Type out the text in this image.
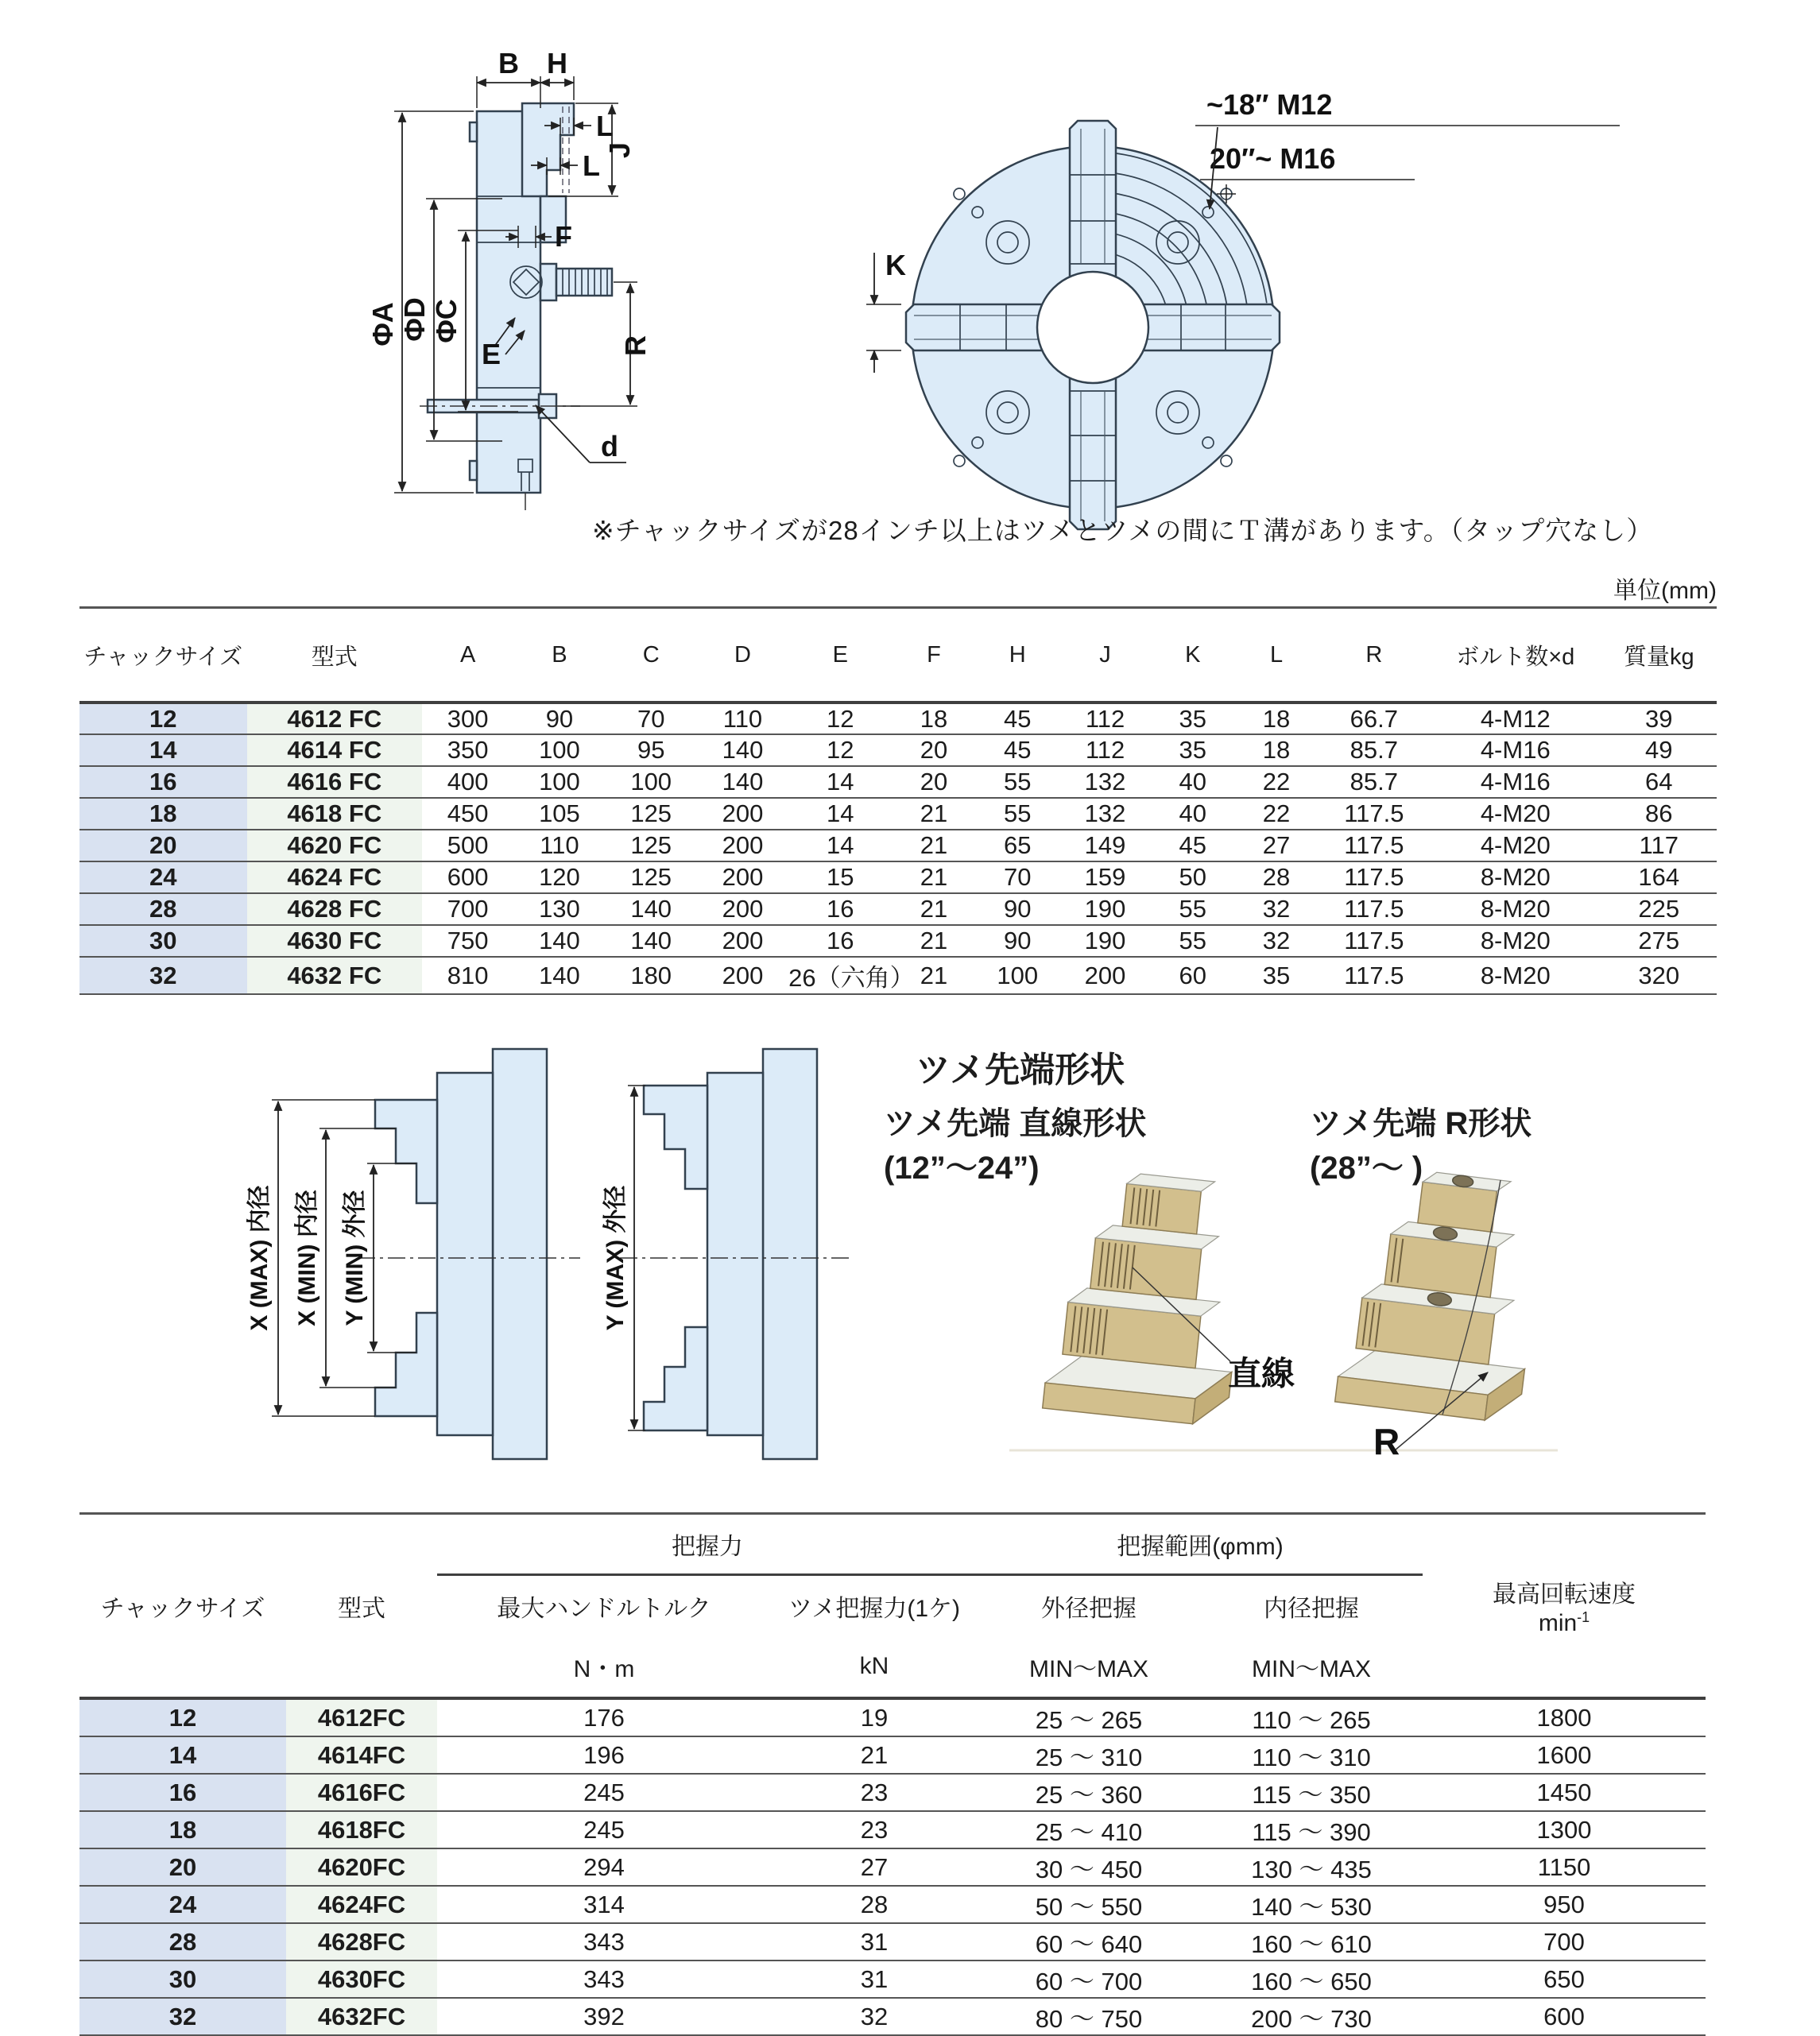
ΦA ΦD ΦC
B H
L
L J
F
E	R
d
K
~18″ M12
20″~ M16
※チャックサイズが28インチ以上はツメとツメの間にＴ溝があります。（タップ穴なし）
単位(mm)
チャックサイズ	型式	A	B	C	D	E	F	H	J	K	L	R	ボルト数×d	質量kg
12	4612 FC	300	90	70	110	12	18	45	112	35	18	66.7	4-M12	39
14	4614 FC	350	100	95	140	12	20	45	112	35	18	85.7	4-M16	49
16	4616 FC	400	100	100	140	14	20	55	132	40	22	85.7	4-M16	64
18	4618 FC	450	105	125	200	14	21	55	132	40	22	117.5	4-M20	86
20	4620 FC	500	110	125	200	14	21	65	149	45	27	117.5	4-M20	117
24	4624 FC	600	120	125	200	15	21	70	159	50	28	117.5	8-M20	164
28	4628 FC	700	130	140	200	16	21	90	190	55	32	117.5	8-M20	225
30	4630 FC	750	140	140	200	16	21	90	190	55	32	117.5	8-M20	275
32	4632 FC	810	140	180	200	26（六角）	21	100	200	60	35	117.5	8-M20	320
X (MAX) 内径 X (MIN) 内径 Y (MIN) 外径	Y (MAX) 外径
ツメ先端形状
ツメ先端 直線形状
(12”～24”)
ツメ先端 R形状
(28”～ )
直線
R
チャックサイズ	型式	把握力		把握範囲(φmm)		最高回転速度
$\min^{-1}$

		最大ハンドルトルク	ツメ把握力(1ケ)	外径把握	内径把握	
		N・m	kN	MIN～MAX	MIN～MAX	
12	4612FC	176	19	25 ～ 265	110 ～ 265	1800
14	4614FC	196	21	25 ～ 310	110 ～ 310	1600
16	4616FC	245	23	25 ～ 360	115 ～ 350	1450
18	4618FC	245	23	25 ～ 410	115 ～ 390	1300
20	4620FC	294	27	30 ～ 450	130 ～ 435	1150
24	4624FC	314	28	50 ～ 550	140 ～ 530	950
28	4628FC	343	31	60 ～ 640	160 ～ 610	700
30	4630FC	343	31	60 ～ 700	160 ～ 650	650
32	4632FC	392	32	80 ～ 750	200 ～ 730	600
